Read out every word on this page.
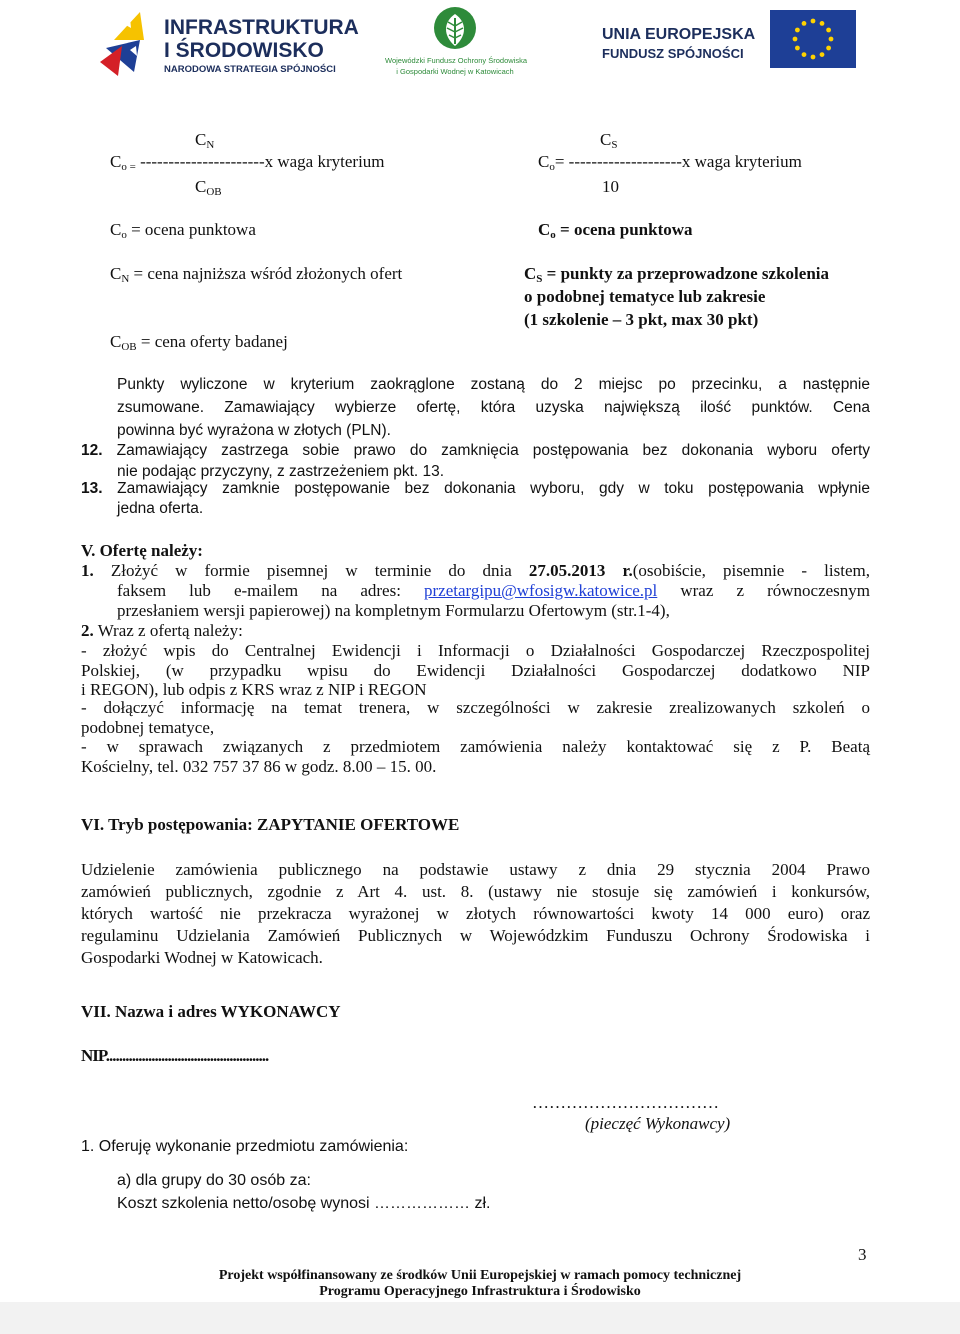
INFRASTRUKTURA
I ŚRODOWISKO
NARODOWA STRATEGIA SPÓJNOŚCI
Wojewódzki Fundusz Ochrony Środowiska
i Gospodarki Wodnej w Katowicach
UNIA EUROPEJSKA
FUNDUSZ SPÓJNOŚCI
$C_N$
$C_{o =}$ ----------------------x waga kryterium
$C_{OB}$
$C_o$ = ocena punktowa
$C_N$ = cena najniższa wśród złożonych ofert
$C_{OB}$ = cena oferty badanej
$C_S$
$C_o= --------------------x$ waga kryterium
10
$C_o$ = ocena punktowa
$C_S$ = punkty za przeprowadzone szkolenia
o podobnej tematyce lub zakresie
(1 szkolenie – 3 pkt, max 30 pkt)
Punkty wyliczone w kryterium zaokrąglone zostaną do 2 miejsc po przecinku, a następnie
zsumowane. Zamawiający wybierze ofertę, która uzyska największą ilość punktów. Cena
powinna być wyrażona w złotych (PLN).
12. Zamawiający zastrzega sobie prawo do zamknięcia postępowania bez dokonania wyboru oferty
nie podając przyczyny, z zastrzeżeniem pkt. 13.
13. Zamawiający zamknie postępowanie bez dokonania wyboru, gdy w toku postępowania wpłynie
jedna oferta.
V. Ofertę należy:
1. Złożyć w formie pisemnej w terminie do dnia 27.05.2013 r.(osobiście, pisemnie - listem,
faksem lub e-mailem na adres: przetargipu@wfosigw.katowice.pl wraz z równoczesnym
przesłaniem wersji papierowej) na kompletnym Formularzu Ofertowym (str.1-4),
2. Wraz z ofertą należy:
- złożyć wpis do Centralnej Ewidencji i Informacji o Działalności Gospodarczej Rzeczpospolitej
Polskiej, (w przypadku wpisu do Ewidencji Działalności Gospodarczej dodatkowo NIP
i REGON), lub odpis z KRS wraz z NIP i REGON
- dołączyć informację na temat trenera, w szczególności w zakresie zrealizowanych szkoleń o
podobnej tematyce,
- w sprawach związanych z przedmiotem zamówienia należy kontaktować się z P. Beatą
Kościelny, tel. 032 757 37 86 w godz. 8.00 – 15. 00.
VI. Tryb postępowania: ZAPYTANIE OFERTOWE
Udzielenie zamówienia publicznego na podstawie ustawy z dnia 29 stycznia 2004 Prawo
zamówień publicznych, zgodnie z Art 4. ust. 8. (ustawy nie stosuje się zamówień i konkursów,
których wartość nie przekracza wyrażonej w złotych równowartości kwoty 14 000 euro) oraz
regulaminu Udzielania Zamówień Publicznych w Wojewódzkim Funduszu Ochrony Środowiska i
Gospodarki Wodnej w Katowicach.
VII. Nazwa i adres WYKONAWCY
NIP..................................................
……………………………
(pieczęć Wykonawcy)
1. Oferuję wykonanie przedmiotu zamówienia:
a) dla grupy do 30 osób za:
Koszt szkolenia netto/osobę wynosi ……………… zł.
3
Projekt współfinansowany ze środków Unii Europejskiej w ramach pomocy technicznej
Programu Operacyjnego Infrastruktura i Środowisko
